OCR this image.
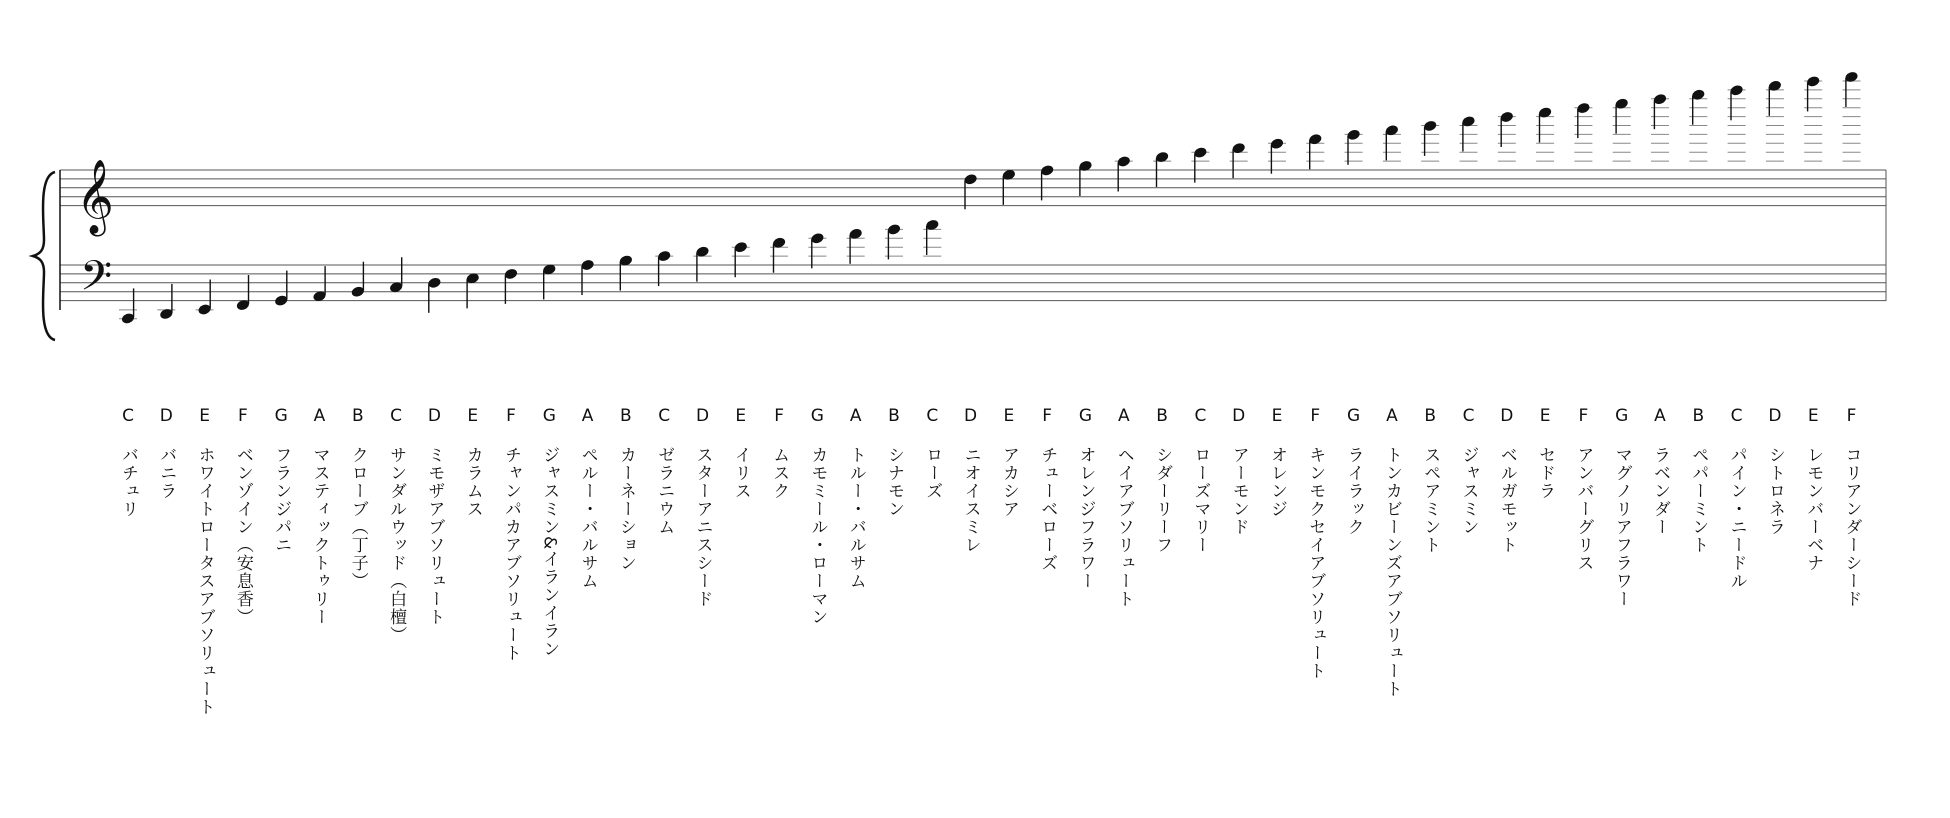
𝄞
𝄢
C
バチュリ
D
バニラ
E
ホワイトロータスアブソリュート
F
ベンゾイン（安息香）
G
フランジパニ
A
マスティックトゥリー
B
クローブ（丁子）
C
サンダルウッド（白檀）
D
ミモザアブソリュート
E
カラムス
F
チャンパカアブソリュート
G
ジャスミン&イランイラン
A
ペルー・バルサム
B
カーネーション
C
ゼラニウム
D
スターアニスシード
E
イリス
F
ムスク
G
カモミール・ローマン
A
トルー・バルサム
B
シナモン
C
ローズ
D
ニオイスミレ
E
アカシア
F
チューベローズ
G
オレンジフラワー
A
ヘイアブソリュート
B
シダーリーフ
C
ローズマリー
D
アーモンド
E
オレンジ
F
キンモクセイアブソリュート
G
ライラック
A
トンカビーンズアブソリュート
B
スペアミント
C
ジャスミン
D
ベルガモット
E
セドラ
F
アンバーグリス
G
マグノリアフラワー
A
ラベンダー
B
ペパーミント
C
パイン・ニードル
D
シトロネラ
E
レモンバーベナ
F
コリアンダーシード
